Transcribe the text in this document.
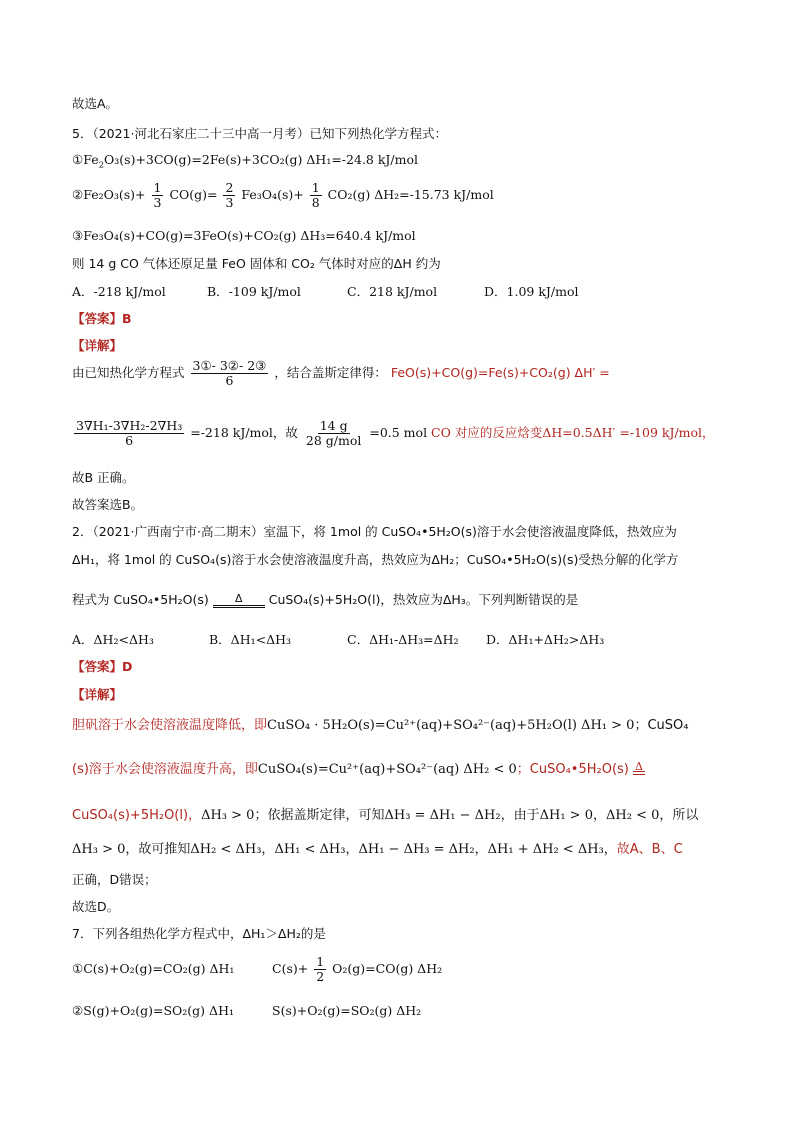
故选A。
5．（2021·河北石家庄二十三中高一月考）已知下列热化学方程式：
$①Fe_2O_3(s)+3CO(g)=2Fe(s)+3CO_2(g)$ ΔH₁=-24.8 kJ/mol
②Fe₂O₃(s)+ $\frac{1}{3} CO(g)= \frac{2}{3} Fe_3O_4(s)+ \frac{1}{8} CO_2(g)$ ΔH₂=-15.73 kJ/mol
③Fe₃O₄(s)+CO(g)=3FeO(s)+CO₂(g) ΔH₃=640.4 kJ/mol
则 14 g CO 气体还原足量 FeO 固体和 CO₂ 气体时对应的ΔH 约为
A．-218 kJ/mol	B．-109 kJ/mol	C．218 kJ/mol	D．1.09 kJ/mol
【答案】B
【详解】
由已知热化学方程式 $\frac{\text{3①- 3②- 2③}}{6}$ ，结合盖斯定律得： FeO(s)+CO(g)=Fe(s)+CO₂(g) ΔH′ =
$\frac{\text{3∇H₁-3∇H₂-2∇H₃}}{6} =-218$ kJ/mol，故 $\frac{14 g}{\text{28 g/mol}} =0.5$ mol CO 对应的反应焓变ΔH=0.5ΔH′ =-109 kJ/mol，
故B 正确。
故答案选B。
2．（2021·广西南宁市·高二期末）室温下，将 1mol 的 CuSO₄•5H₂O(s)溶于水会使溶液温度降低，热效应为
ΔH₁，将 1mol 的 CuSO₄(s)溶于水会使溶液温度升高，热效应为ΔH₂；CuSO₄•5H₂O(s)(s)受热分解的化学方
程式为 CuSO₄•5H₂O(s) Δ CuSO₄(s)+5H₂O(l)，热效应为ΔH₃。下列判断错误的是
A．ΔH₂<ΔH₃	B．ΔH₁<ΔH₃	C．ΔH₁-ΔH₃=ΔH₂ D．ΔH₁+ΔH₂>ΔH₃
【答案】D
【详解】
胆矾溶于水会使溶液温度降低，即CuSO₄ · 5H₂O(s)=Cu²⁺(aq)+SO₄²⁻(aq)+5H₂O(l) ΔH₁ > 0；CuSO₄
(s)溶于水会使溶液温度升高，即CuSO₄(s)=Cu²⁺(aq)+SO₄²⁻(aq) ΔH₂ < 0；CuSO₄•5H₂O(s) Δ
CuSO₄(s)+5H₂O(l)，ΔH₃ > 0；依据盖斯定律，可知ΔH₃ = ΔH₁ − ΔH₂，由于ΔH₁ > 0，ΔH₂ < 0，所以
ΔH₃ > 0，故可推知ΔH₂ < ΔH₃，ΔH₁ < ΔH₃，ΔH₁ − ΔH₃ = ΔH₂，ΔH₁ + ΔH₂ < ΔH₃，故A、B、C
正确，D错误；
故选D。
7．下列各组热化学方程式中，ΔH₁＞ΔH₂的是
①C(s)+O₂(g)=CO₂(g) ΔH₁	$C(s)+ \frac{1}{2} O_2(g)=CO(g)$ ΔH₂
②S(g)+O₂(g)=SO₂(g) ΔH₁	S(s)+O₂(g)=SO₂(g) ΔH₂
